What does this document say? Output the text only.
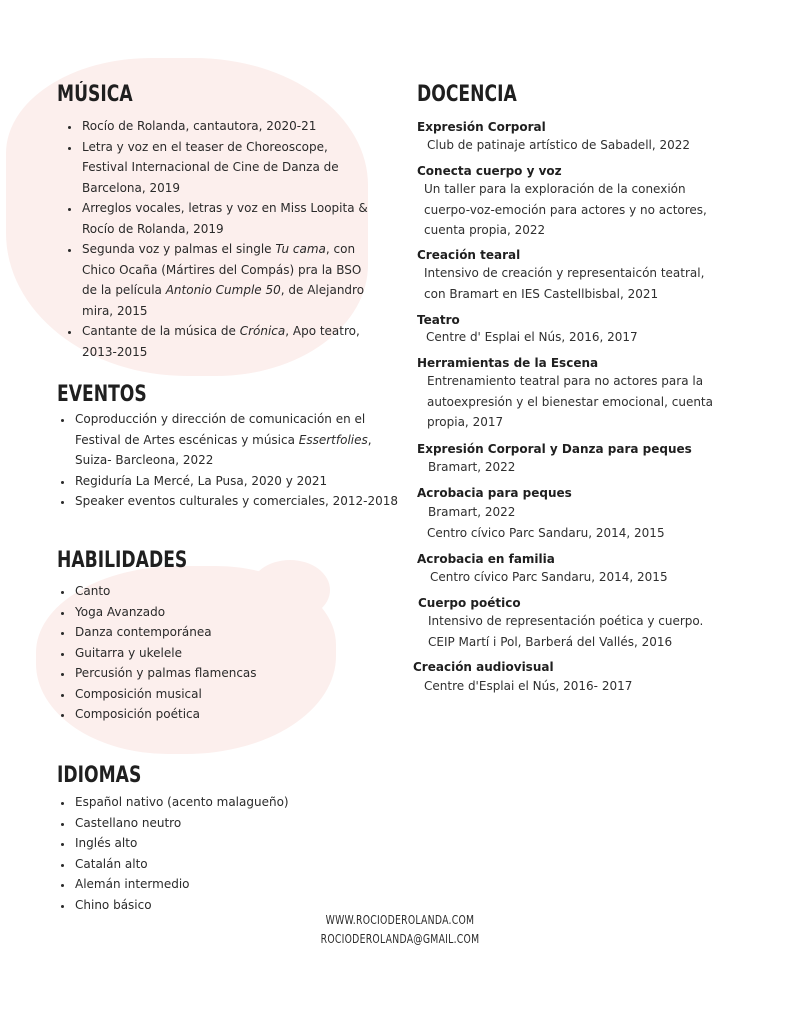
MÚSICA
• Rocío de Rolanda, cantautora, 2020-21
• Letra y voz en el teaser de Choreoscope, Festival Internacional de Cine de Danza de Barcelona, 2019
• Arreglos vocales, letras y voz en Miss Loopita & Rocío de Rolanda, 2019
• Segunda voz y palmas el single Tu cama, con Chico Ocaña (Mártires del Compás) pra la BSO de la película Antonio Cumple 50, de Alejandro mira, 2015
• Cantante de la música de Crónica, Apo teatro, 2013-2015
EVENTOS
• Coproducción y dirección de comunicación en el Festival de Artes escénicas y música Essertfolies, Suiza- Barcleona, 2022
• Regiduría La Mercé, La Pusa, 2020 y 2021
• Speaker eventos culturales y comerciales, 2012-2018
HABILIDADES
• Canto
• Yoga Avanzado
• Danza contemporánea
• Guitarra y ukelele
• Percusión y palmas flamencas
• Composición musical
• Composición poética
IDIOMAS
• Español nativo (acento malagueño)
• Castellano neutro
• Inglés alto
• Catalán alto
• Alemán intermedio
• Chino básico
DOCENCIA
Expresión Corporal
Club de patinaje artístico de Sabadell, 2022
Conecta cuerpo y voz
Un taller para la exploración de la conexión cuerpo-voz-emoción para actores y no actores, cuenta propia, 2022
Creación tearal
Intensivo de creación y representaicón teatral, con Bramart en IES Castellbisbal, 2021
Teatro
Centre d' Esplai el Nús, 2016, 2017
Herramientas de la Escena
Entrenamiento teatral para no actores para la autoexpresión y el bienestar emocional, cuenta propia, 2017
Expresión Corporal y Danza para peques
Bramart, 2022
Acrobacia para peques
Bramart, 2022
Centro cívico Parc Sandaru, 2014, 2015
Acrobacia en familia
Centro cívico Parc Sandaru, 2014, 2015
Cuerpo poético
Intensivo de representación poética y cuerpo.
CEIP Martí i Pol, Barberá del Vallés, 2016
Creación audiovisual
Centre d'Esplai el Nús, 2016- 2017
WWW.ROCIODEROLANDA.COM
ROCIODEROLANDA@GMAIL.COM
